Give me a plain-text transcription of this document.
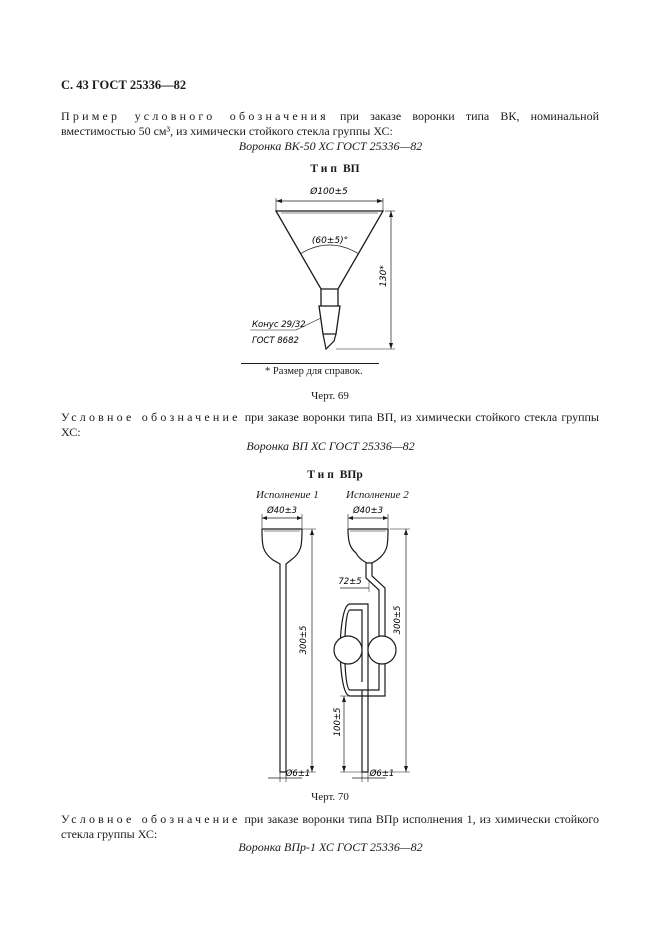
С. 43 ГОСТ 25336—82
Пример условного обозначения при заказе воронки типа ВК, номинальной вместимостью 50 см³, из химически стойкого стекла группы ХС:
Воронка ВК-50 ХС ГОСТ 25336—82
Тип ВП
Ø100±5
(60±5)°
130*
Конус 29/32
ГОСТ 8682
Ø40±3
300±5
Ø6±1
Ø40±3
72±5
300±5
100±5
Ø6±1
* Размер для справок.
Черт. 69
Условное обозначение при заказе воронки типа ВП, из химически стойкого стекла группы ХС:
Воронка ВП ХС ГОСТ 25336—82
Тип ВПр
Исполнение 1 Исполнение 2
Черт. 70
Условное обозначение при заказе воронки типа ВПр исполнения 1, из химически стойкого стекла группы ХС:
Воронка ВПр-1 ХС ГОСТ 25336—82
